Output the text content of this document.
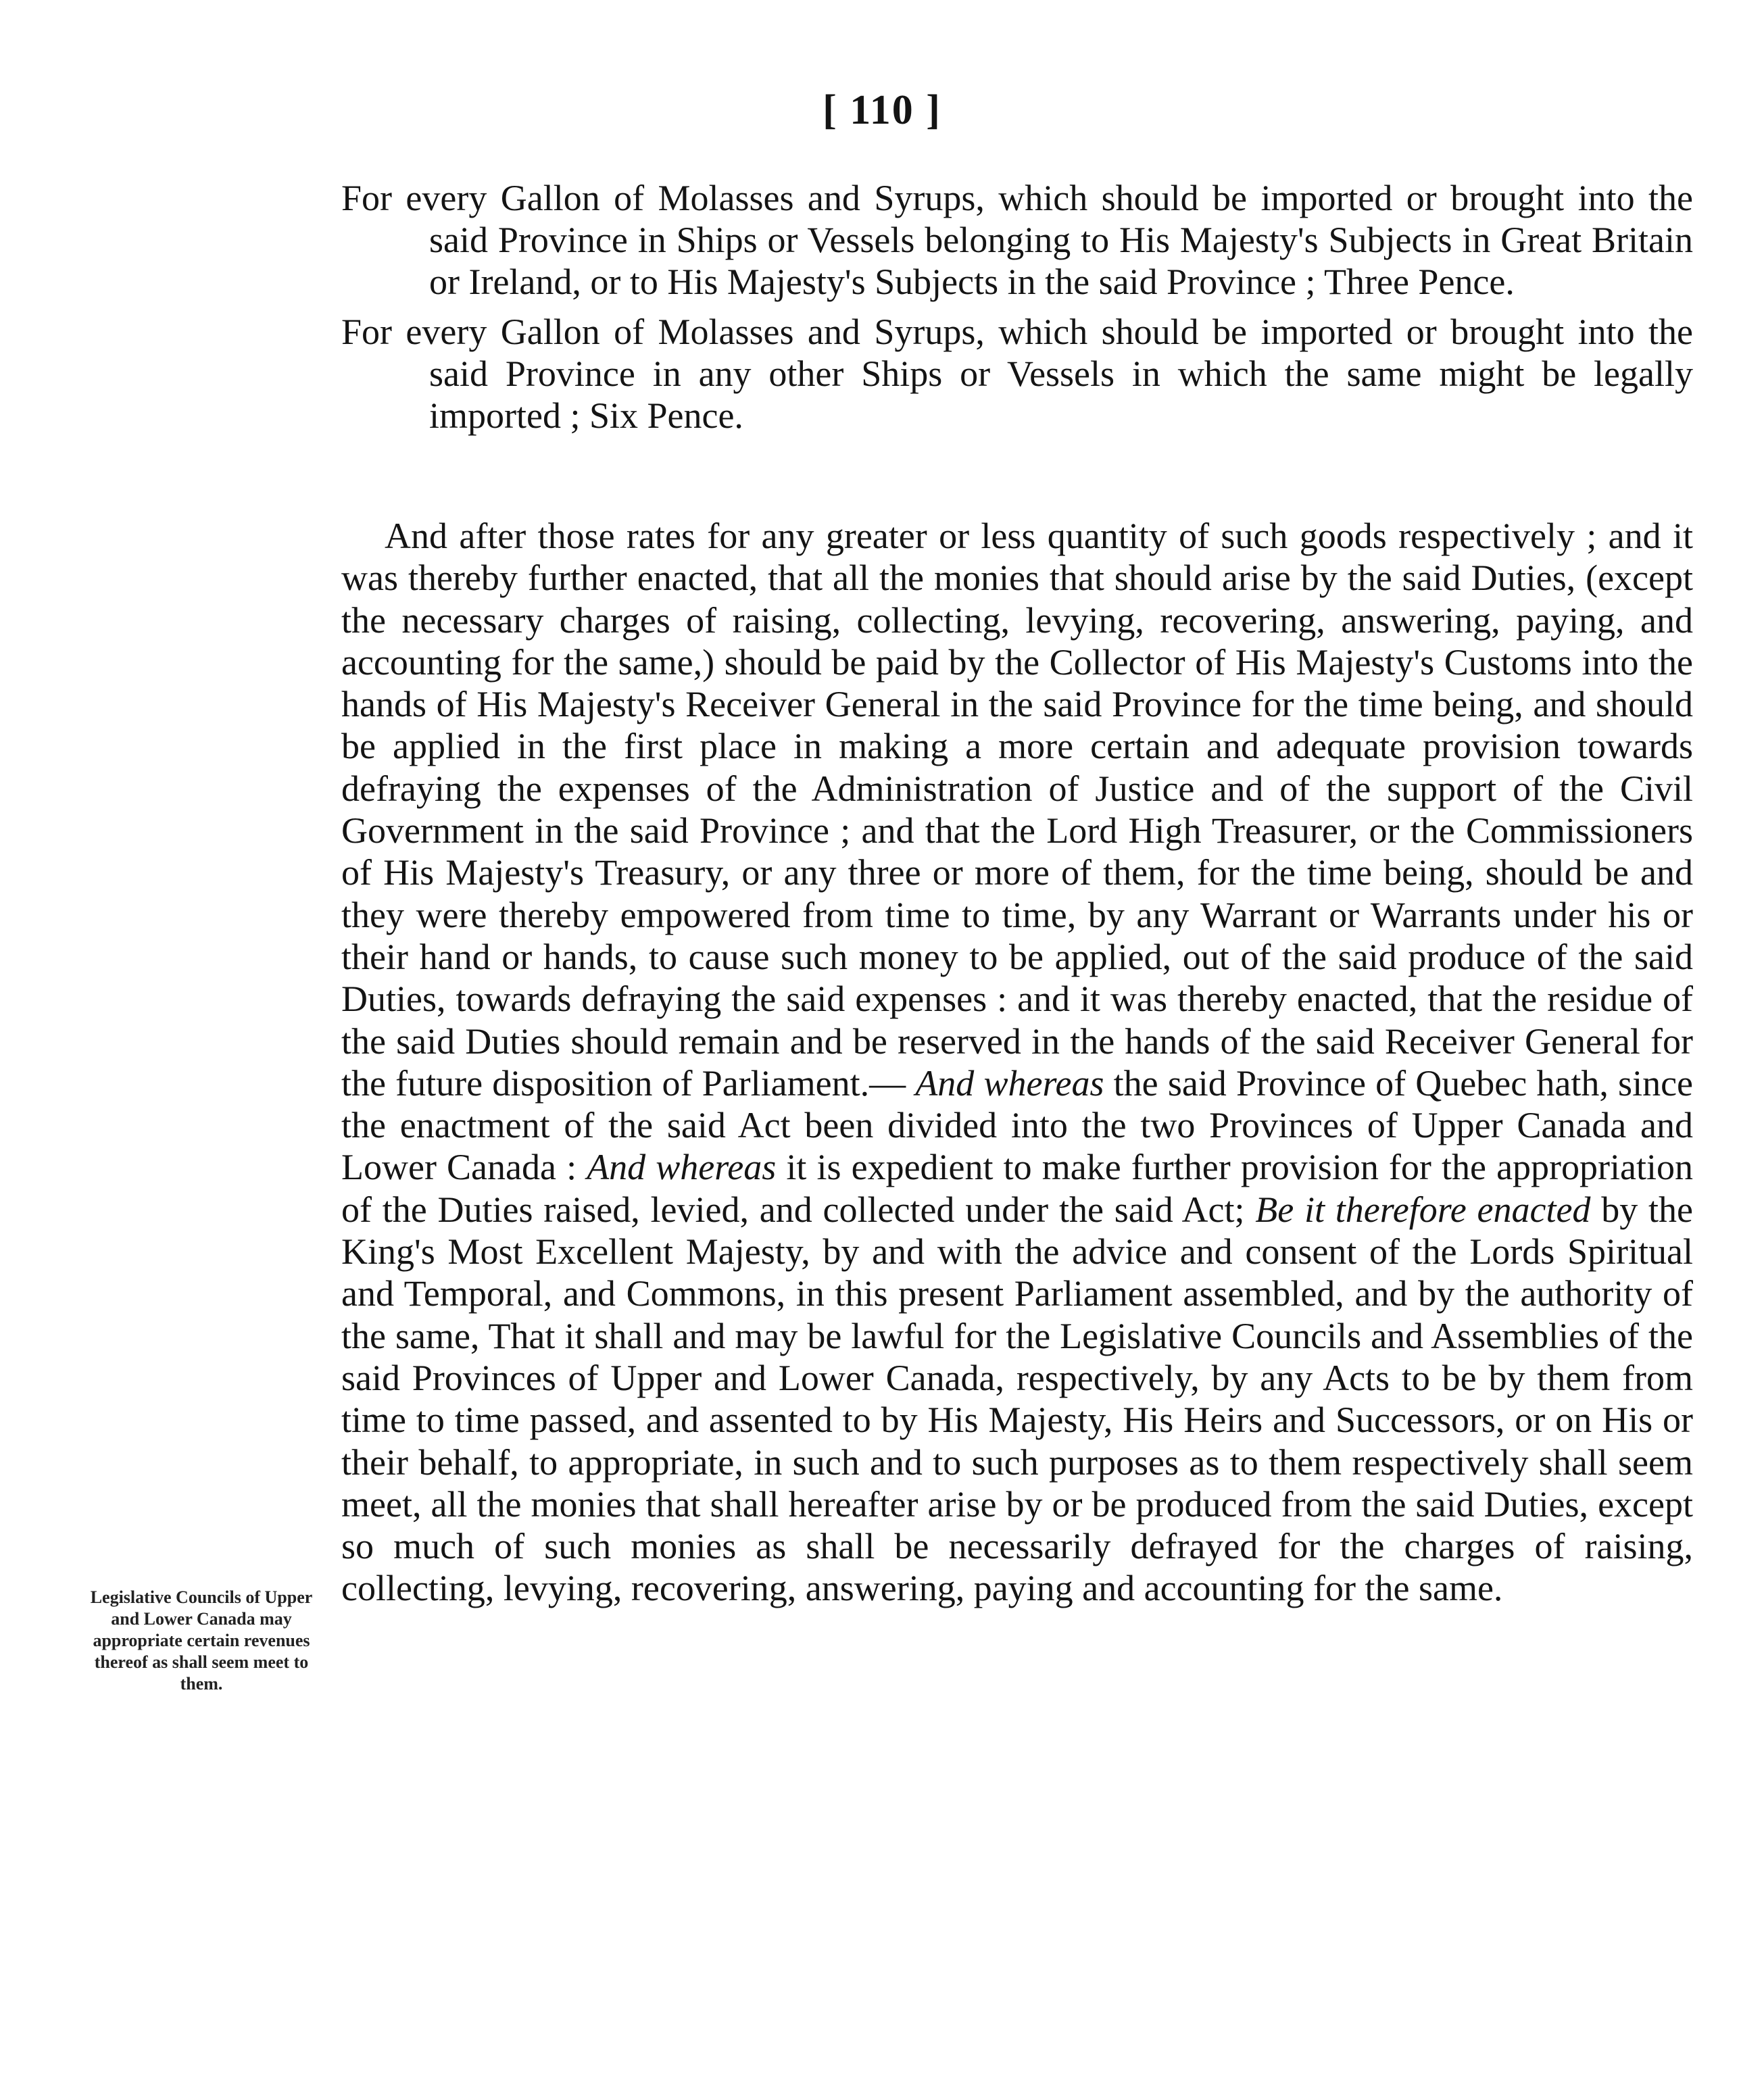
[ 110 ]

For every Gallon of Molasses and Syrups, which should be imported or brought into the said Province in Ships or Vessels belonging to His Majesty's Subjects in Great Britain or Ireland, or to His Majesty's Subjects in the said Province ; Three Pence.

For every Gallon of Molasses and Syrups, which should be imported or brought into the said Province in any other Ships or Vessels in which the same might be legally imported ; Six Pence.

And after those rates for any greater or less quantity of such goods respectively ; and it was thereby further enacted, that all the monies that should arise by the said Duties, (except the necessary charges of raising, collecting, levying, recovering, answering, paying, and accounting for the same,) should be paid by the Collector of His Majesty's Customs into the hands of His Majesty's Receiver General in the said Province for the time being, and should be applied in the first place in making a more certain and adequate provision towards defraying the expenses of the Administration of Justice and of the support of the Civil Government in the said Province ; and that the Lord High Treasurer, or the Commissioners of His Majesty's Treasury, or any three or more of them, for the time being, should be and they were thereby empowered from time to time, by any Warrant or Warrants under his or their hand or hands, to cause such money to be applied, out of the said produce of the said Duties, towards defraying the said expenses : and it was thereby enacted, that the residue of the said Duties should remain and be reserved in the hands of the said Receiver General for the future disposition of Parliament.— And whereas the said Province of Quebec hath, since the enactment of the said Act been divided into the two Provinces of Upper Canada and Lower Canada : And whereas it is expedient to make further provision for the appropriation of the Duties raised, levied, and collected under the said Act; Be it therefore enacted by the King's Most Excellent Majesty, by and with the advice and consent of the Lords Spiritual and Temporal, and Commons, in this present Parliament assembled, and by the authority of the same, That it shall and may be lawful for the Legislative Councils and Assemblies of the said Provinces of Upper and Lower Canada, respectively, by any Acts to be by them from time to time passed, and assented to by His Majesty, His Heirs and Successors, or on His or their behalf, to appropriate, in such and to such purposes as to them respectively shall seem meet, all the monies that shall hereafter arise by or be produced from the said Duties, except so much of such monies as shall be necessarily defrayed for the charges of raising, collecting, levying, recovering, answering, paying and accounting for the same.

Legislative Councils of Upper and Lower Canada may appropriate certain revenues thereof as shall seem meet to them.
